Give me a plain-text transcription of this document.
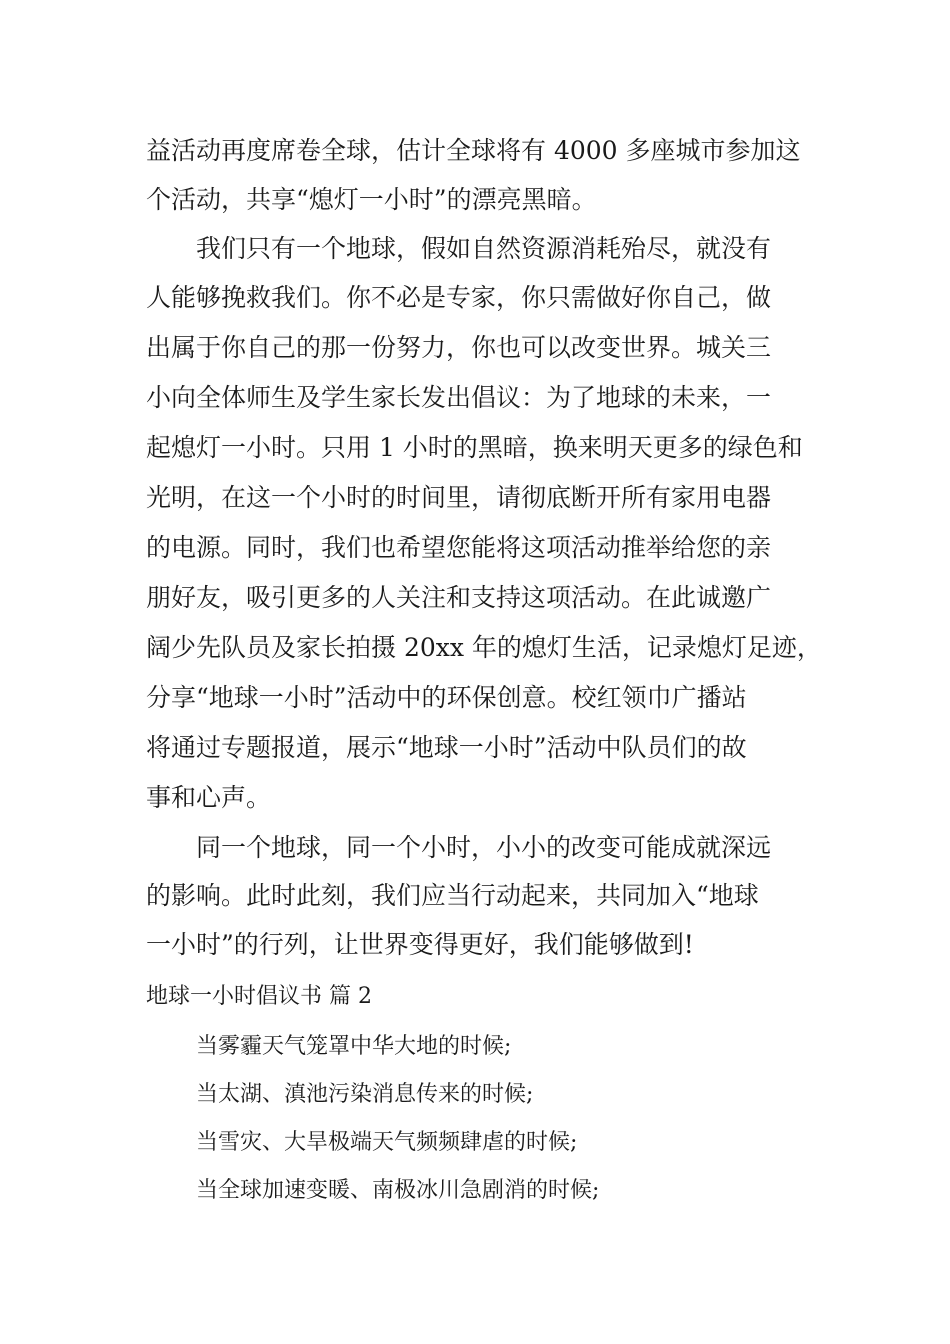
益活动再度席卷全球，估计全球将有 4000 多座城市参加这
个活动，共享“熄灯一小时”的漂亮黑暗。
我们只有一个地球，假如自然资源消耗殆尽，就没有
人能够挽救我们。你不必是专家，你只需做好你自己，做
出属于你自己的那一份努力，你也可以改变世界。城关三
小向全体师生及学生家长发出倡议：为了地球的未来，一
起熄灯一小时。只用 1 小时的黑暗，换来明天更多的绿色和
光明，在这一个小时的时间里，请彻底断开所有家用电器
的电源。同时，我们也希望您能将这项活动推举给您的亲
朋好友，吸引更多的人关注和支持这项活动。在此诚邀广
阔少先队员及家长拍摄 20xx 年的熄灯生活，记录熄灯足迹，
分享“地球一小时”活动中的环保创意。校红领巾广播站
将通过专题报道，展示“地球一小时”活动中队员们的故
事和心声。
同一个地球，同一个小时，小小的改变可能成就深远
的影响。此时此刻，我们应当行动起来，共同加入“地球
一小时”的行列，让世界变得更好，我们能够做到!
地球一小时倡议书 篇 2
当雾霾天气笼罩中华大地的时候;
当太湖、滇池污染消息传来的时候;
当雪灾、大旱极端天气频频肆虐的时候;
当全球加速变暖、南极冰川急剧消的时候;
